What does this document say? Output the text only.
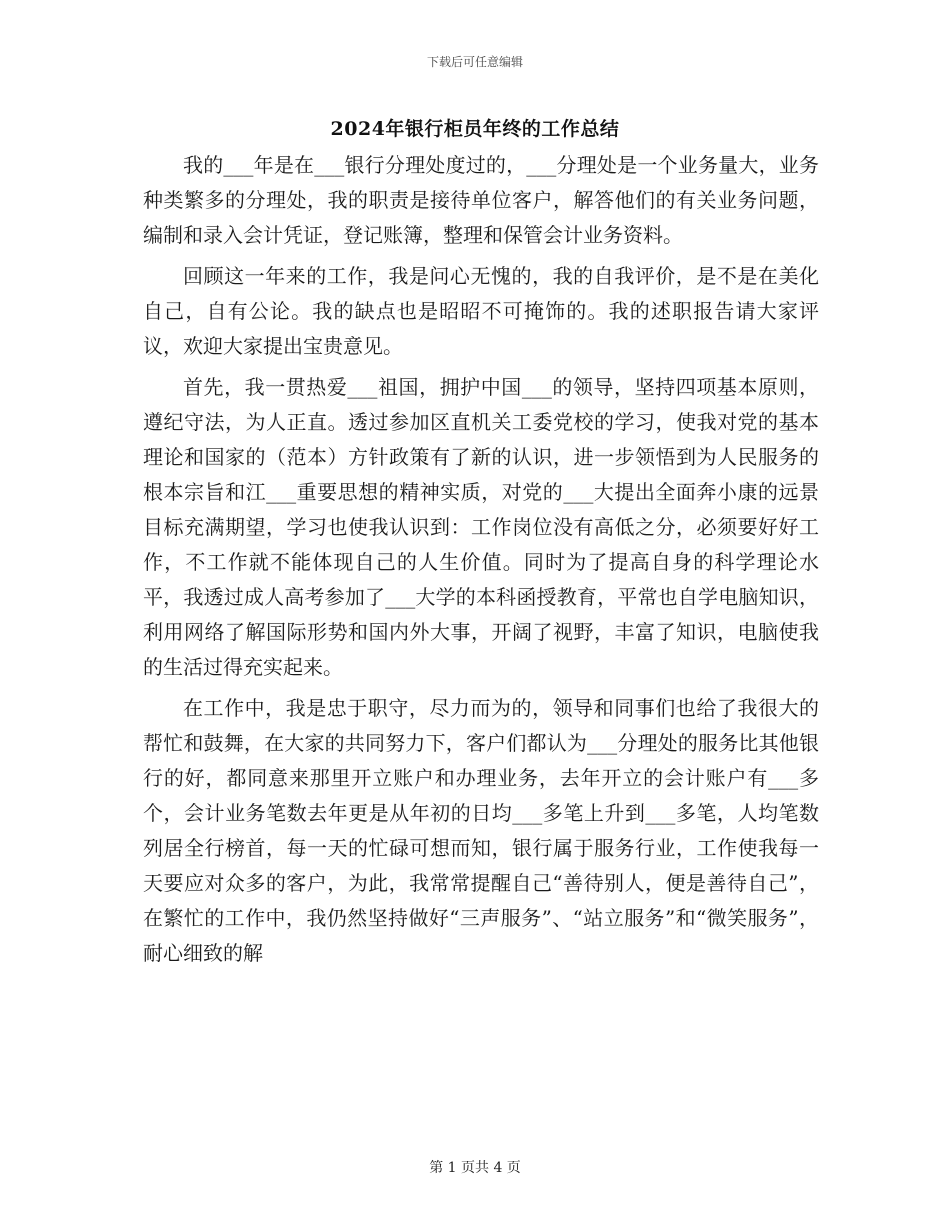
下载后可任意编辑
2024年银行柜员年终的工作总结

我的___年是在___银行分理处度过的，___分理处是一个业务量大，业务种类繁多的分理处，我的职责是接待单位客户，解答他们的有关业务问题，编制和录入会计凭证，登记账簿，整理和保管会计业务资料。

回顾这一年来的工作，我是问心无愧的，我的自我评价，是不是在美化自己，自有公论。我的缺点也是昭昭不可掩饰的。我的述职报告请大家评议，欢迎大家提出宝贵意见。

首先，我一贯热爱___祖国，拥护中国___的领导，坚持四项基本原则，遵纪守法，为人正直。透过参加区直机关工委党校的学习，使我对党的基本理论和国家的（范本）方针政策有了新的认识，进一步领悟到为人民服务的根本宗旨和江___重要思想的精神实质，对党的___大提出全面奔小康的远景目标充满期望，学习也使我认识到：工作岗位没有高低之分，必须要好好工作，不工作就不能体现自己的人生价值。同时为了提高自身的科学理论水平，我透过成人高考参加了___大学的本科函授教育，平常也自学电脑知识，利用网络了解国际形势和国内外大事，开阔了视野，丰富了知识，电脑使我的生活过得充实起来。

在工作中，我是忠于职守，尽力而为的，领导和同事们也给了我很大的帮忙和鼓舞，在大家的共同努力下，客户们都认为___分理处的服务比其他银行的好，都同意来那里开立账户和办理业务，去年开立的会计账户有___多个，会计业务笔数去年更是从年初的日均___多笔上升到___多笔，人均笔数列居全行榜首，每一天的忙碌可想而知，银行属于服务行业，工作使我每一天要应对众多的客户，为此，我常常提醒自己“善待别人，便是善待自己”，在繁忙的工作中，我仍然坚持做好“三声服务”、“站立服务”和“微笑服务”，耐心细致的解

第 1 页共 4 页
